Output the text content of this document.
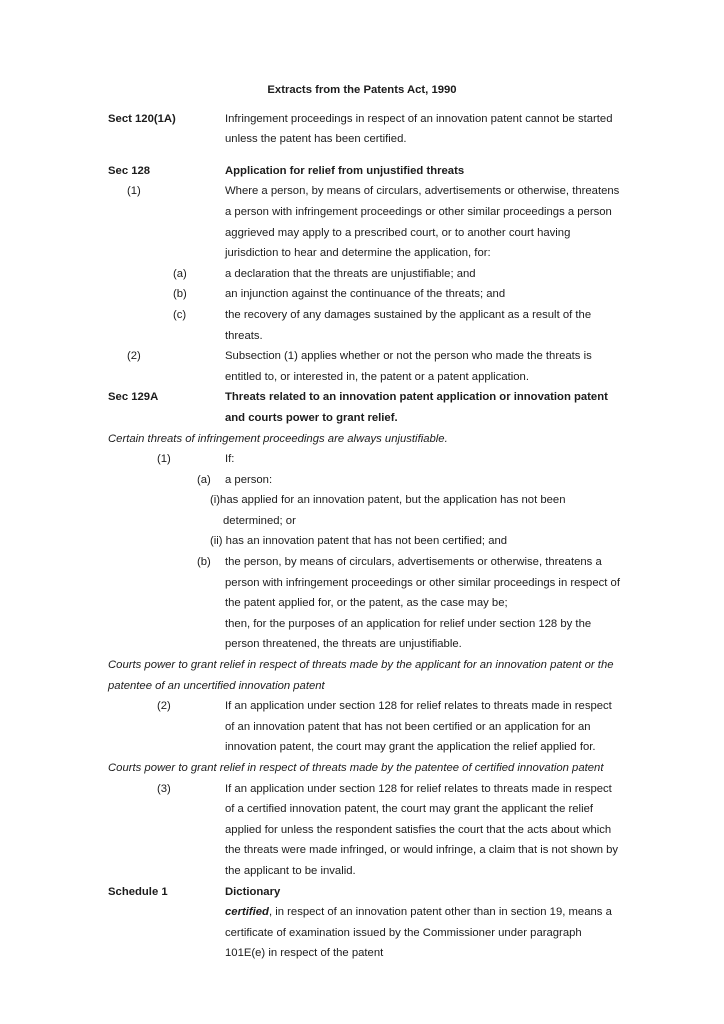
Extracts from the Patents Act, 1990
Sect 120(1A)	Infringement proceedings in respect of an innovation patent cannot be started
unless the patent has been certified.
Sec 128	Application for relief from unjustified threats
(1)	Where a person, by means of circulars, advertisements or otherwise, threatens
a person with infringement proceedings or other similar proceedings a person
aggrieved may apply to a prescribed court, or to another court having
jurisdiction to hear and determine the application, for:
(a)	a declaration that the threats are unjustifiable; and
(b)	an injunction against the continuance of the threats; and
(c)	the recovery of any damages sustained by the applicant as a result of the
threats.
(2)	Subsection (1) applies whether or not the person who made the threats is
entitled to, or interested in, the patent or a patent application.
Sec 129A	Threats related to an innovation patent application or innovation patent
and courts power to grant relief.
Certain threats of infringement proceedings are always unjustifiable.
(1)	If:
(a)	a person:
(i)has applied for an innovation patent, but the application has not been
determined; or
(ii) has an innovation patent that has not been certified; and
(b)	the person, by means of circulars, advertisements or otherwise, threatens a
person with infringement proceedings or other similar proceedings in respect of
the patent applied for, or the patent, as the case may be;
then, for the purposes of an application for relief under section 128 by the
person threatened, the threats are unjustifiable.
Courts power to grant relief in respect of threats made by the applicant for an innovation patent or the
patentee of an uncertified innovation patent
(2)	If an application under section 128 for relief relates to threats made in respect
of an innovation patent that has not been certified or an application for an
innovation patent, the court may grant the application the relief applied for.
Courts power to grant relief in respect of threats made by the patentee of certified innovation patent
(3)	If an application under section 128 for relief relates to threats made in respect
of a certified innovation patent, the court may grant the applicant the relief
applied for unless the respondent satisfies the court that the acts about which
the threats were made infringed, or would infringe, a claim that is not shown by
the applicant to be invalid.
Schedule 1	Dictionary
certified, in respect of an innovation patent other than in section 19, means a
certificate of examination issued by the Commissioner under paragraph
101E(e) in respect of the patent
